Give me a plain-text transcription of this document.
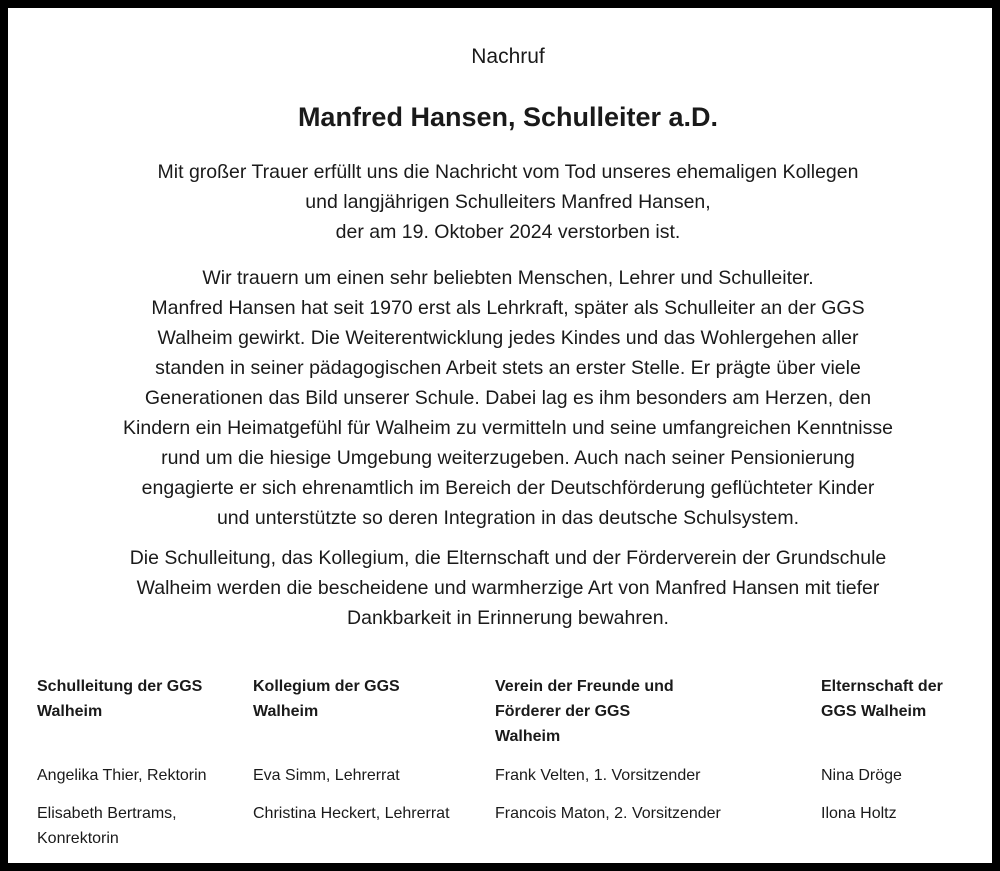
Nachruf
Manfred Hansen, Schulleiter a.D.

Mit großer Trauer erfüllt uns die Nachricht vom Tod unseres ehemaligen Kollegen
und langjährigen Schulleiters Manfred Hansen,
der am 19. Oktober 2024 verstorben ist.

Wir trauern um einen sehr beliebten Menschen, Lehrer und Schulleiter.
Manfred Hansen hat seit 1970 erst als Lehrkraft, später als Schulleiter an der GGS
Walheim gewirkt. Die Weiterentwicklung jedes Kindes und das Wohlergehen aller
standen in seiner pädagogischen Arbeit stets an erster Stelle. Er prägte über viele
Generationen das Bild unserer Schule. Dabei lag es ihm besonders am Herzen, den
Kindern ein Heimatgefühl für Walheim zu vermitteln und seine umfangreichen Kenntnisse
rund um die hiesige Umgebung weiterzugeben. Auch nach seiner Pensionierung
engagierte er sich ehrenamtlich im Bereich der Deutschförderung geflüchteter Kinder
und unterstützte so deren Integration in das deutsche Schulsystem.

Die Schulleitung, das Kollegium, die Elternschaft und der Förderverein der Grundschule
Walheim werden die bescheidene und warmherzige Art von Manfred Hansen mit tiefer
Dankbarkeit in Erinnerung bewahren.

Schulleitung der GGS
Walheim
Angelika Thier, Rektorin
Elisabeth Bertrams,
Konrektorin
Kollegium der GGS
Walheim
Eva Simm, Lehrerrat
Christina Heckert, Lehrerrat
Verein der Freunde und
Förderer der GGS
Walheim
Frank Velten, 1. Vorsitzender
Francois Maton, 2. Vorsitzender
Elternschaft der
GGS Walheim
Nina Dröge
Ilona Holtz
